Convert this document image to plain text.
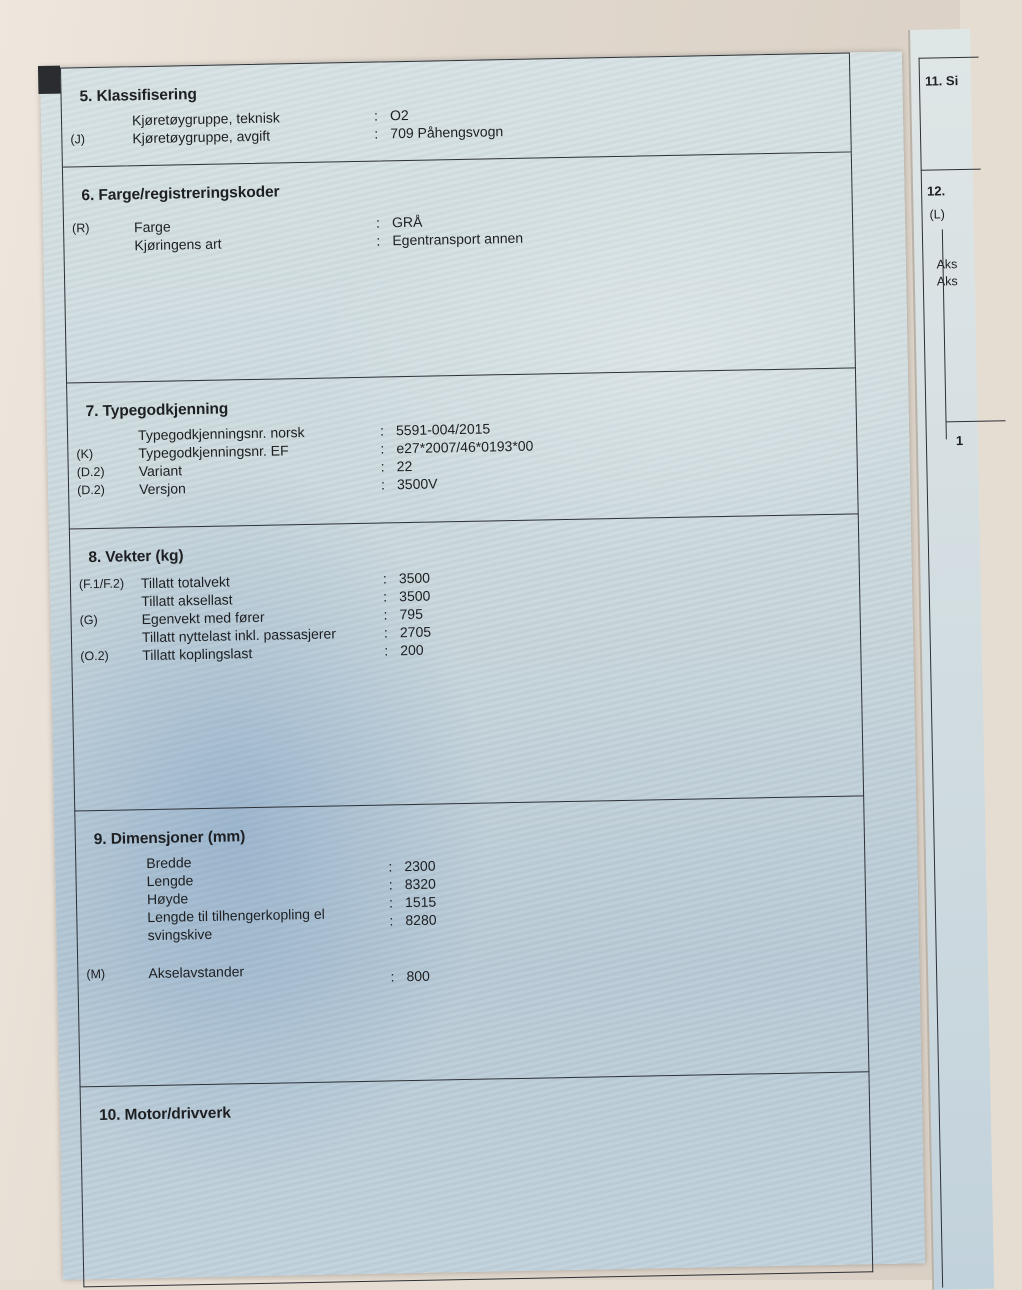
11. Si
12.
(L)
Aks
Aks
1
5. Klassifisering
Kjøretøygruppe, teknisk	: O2
(J)	Kjøretøygruppe, avgift	: 709 Påhengsvogn
6. Farge/registreringskoder
(R)	Farge	: GRÅ
Kjøringens art	: Egentransport annen
7. Typegodkjenning
Typegodkjenningsnr. norsk	: 5591-004/2015
(K)	Typegodkjenningsnr. EF	: e27*2007/46*0193*00
(D.2) Variant	: 22
(D.2) Versjon	: 3500V
8. Vekter (kg)
(F.1/F.2) Tillatt totalvekt	: 3500
Tillatt aksellast	: 3500
(G)	Egenvekt med fører	: 795
Tillatt nyttelast inkl. passasjerer	: 2705
(O.2) Tillatt koplingslast	: 200
9. Dimensjoner (mm)
Bredde	: 2300
Lengde	: 8320
Høyde	: 1515
Lengde til tilhengerkopling el	: 8280
svingskive
(M)	Akselavstander	: 800
10. Motor/drivverk
